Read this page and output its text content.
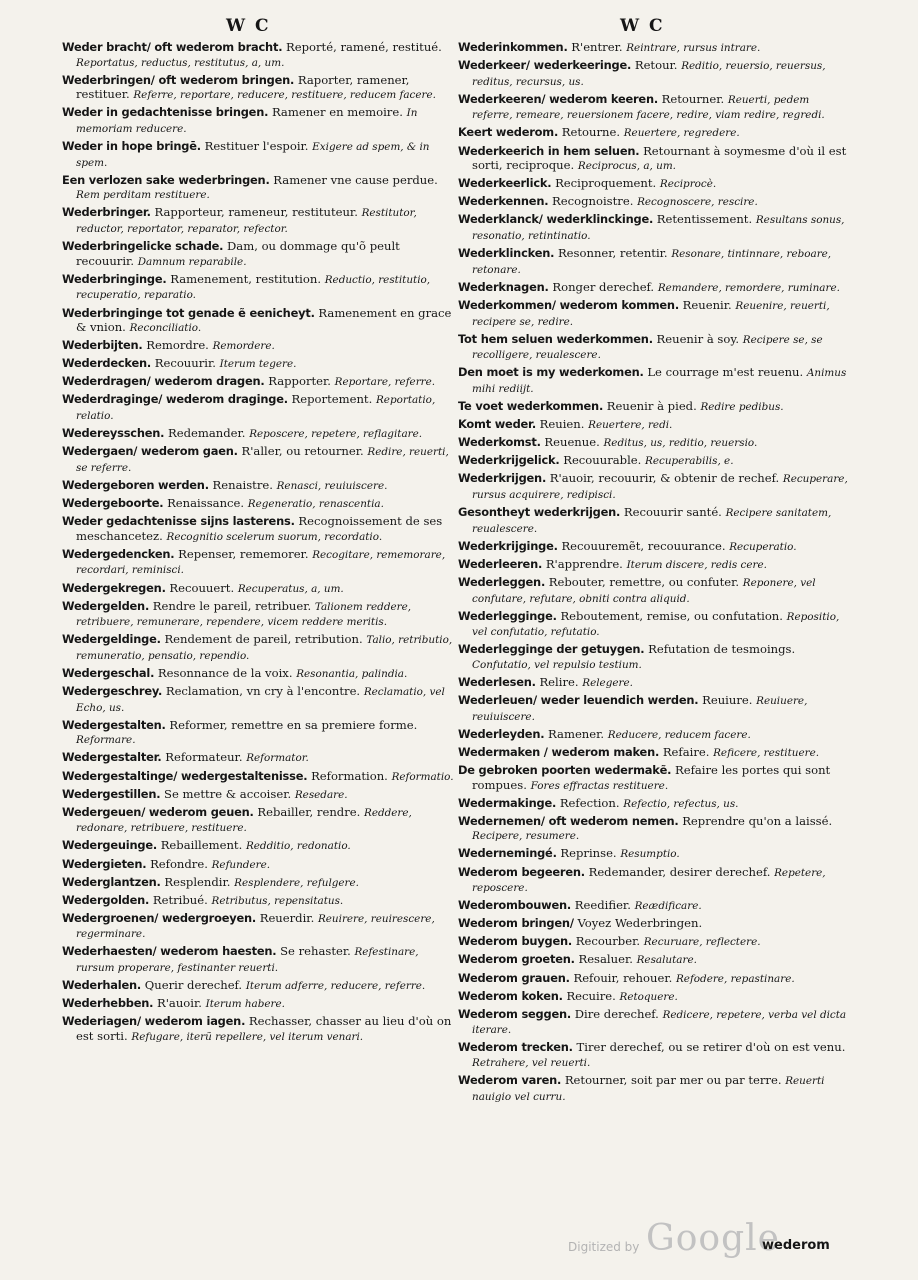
W C	W C
Weder bracht/ oft wederom bracht. Reporté, ramené, restitué. Reportatus, reductus, restitutus, a, um.
Wederbringen/ oft wederom bringen. Raporter, ramener, restituer. Referre, reportare, reducere, restituere, reducem facere.
Weder in gedachtenisse bringen. Ramener en memoire. In memoriam reducere.
Weder in hope bringē. Restituer l'espoir. Exigere ad spem, & in spem.
Een verlozen sake wederbringen. Ramener vne cause perdue. Rem perditam restituere.
Wederbringer. Rapporteur, rameneur, restituteur. Restitutor, reductor, reportator, reparator, refector.
Wederbringelicke schade. Dam, ou dommage qu'õ peult recouurir. Damnum reparabile.
Wederbringinge. Ramenement, restitution. Reductio, restitutio, recuperatio, reparatio.
Wederbringinge tot genade ẽ eenicheyt. Ramenement en grace & vnion. Reconciliatio.
Wederbijten. Remordre. Remordere.
Wederdecken. Recouurir. Iterum tegere.
Wederdragen/ wederom dragen. Rapporter. Reportare, referre.
Wederdraginge/ wederom draginge. Reportement. Reportatio, relatio.
Wedereysschen. Redemander. Reposcere, repetere, reflagitare.
Wedergaen/ wederom gaen. R'aller, ou retourner. Redire, reuerti, se referre.
Wedergeboren werden. Renaistre. Renasci, reuiuiscere.
Wedergeboorte. Renaissance. Regeneratio, renascentia.
Weder gedachtenisse sijns lasterens. Recognoissement de ses meschancetez. Recognitio scelerum suorum, recordatio.
Wedergedencken. Repenser, rememorer. Recogitare, rememorare, recordari, reminisci.
Wedergekregen. Recouuert. Recuperatus, a, um.
Wedergelden. Rendre le pareil, retribuer. Talionem reddere, retribuere, remunerare, rependere, vicem reddere meritis.
Wedergeldinge. Rendement de pareil, retribution. Talio, retributio, remuneratio, pensatio, rependio.
Wedergeschal. Resonnance de la voix. Resonantia, palindia.
Wedergeschrey. Reclamation, vn cry à l'encontre. Reclamatio, vel Echo, us.
Wedergestalten. Reformer, remettre en sa premiere forme. Reformare.
Wedergestalter. Reformateur. Reformator.
Wedergestaltinge/ wedergestaltenisse. Reformation. Reformatio.
Wedergestillen. Se mettre & accoiser. Resedare.
Wedergeuen/ wederom geuen. Rebailler, rendre. Reddere, redonare, retribuere, restituere.
Wedergeuinge. Rebaillement. Redditio, redonatio.
Wedergieten. Refondre. Refundere.
Wederglantzen. Resplendir. Resplendere, refulgere.
Wedergolden. Retribué. Retributus, repensitatus.
Wedergroenen/ wedergroeyen. Reuerdir. Reuirere, reuirescere, regerminare.
Wederhaesten/ wederom haesten. Se rehaster. Refestinare, rursum properare, festinanter reuerti.
Wederhalen. Querir derechef. Iterum adferre, reducere, referre.
Wederhebben. R'auoir. Iterum habere.
Wederiagen/ wederom iagen. Rechasser, chasser au lieu d'où on est sorti. Refugare, iterũ repellere, vel iterum venari.
Wederinkommen. R'entrer. Reintrare, rursus intrare.
Wederkeer/ wederkeeringe. Retour. Reditio, reuersio, reuersus, reditus, recursus, us.
Wederkeeren/ wederom keeren. Retourner. Reuerti, pedem referre, remeare, reuersionem facere, redire, viam redire, regredi.
Keert wederom. Retourne. Reuertere, regredere.
Wederkeerich in hem seluen. Retournant à soymesme d'où il est sorti, reciproque. Reciprocus, a, um.
Wederkeerlick. Reciproquement. Reciprocè.
Wederkennen. Recognoistre. Recognoscere, rescire.
Wederklanck/ wederklinckinge. Retentissement. Resultans sonus, resonatio, retintinatio.
Wederklincken. Resonner, retentir. Resonare, tintinnare, reboare, retonare.
Wederknagen. Ronger derechef. Remandere, remordere, ruminare.
Wederkommen/ wederom kommen. Reuenir. Reuenire, reuerti, recipere se, redire.
Tot hem seluen wederkommen. Reuenir à soy. Recipere se, se recolligere, reualescere.
Den moet is my wederkomen. Le courrage m'est reuenu. Animus mihi rediijt.
Te voet wederkommen. Reuenir à pied. Redire pedibus.
Komt weder. Reuien. Reuertere, redi.
Wederkomst. Reuenue. Reditus, us, reditio, reuersio.
Wederkrijgelick. Recouurable. Recuperabilis, e.
Wederkrijgen. R'auoir, recouurir, & obtenir de rechef. Recuperare, rursus acquirere, redipisci.
Gesontheyt wederkrijgen. Recouurir santé. Recipere sanitatem, reualescere.
Wederkrijginge. Recouuremẽt, recouurance. Recuperatio.
Wederleeren. R'apprendre. Iterum discere, redis cere.
Wederleggen. Rebouter, remettre, ou confuter. Reponere, vel confutare, refutare, obniti contra aliquid.
Wederlegginge. Reboutement, remise, ou confutation. Repositio, vel confutatio, refutatio.
Wederlegginge der getuygen. Refutation de tesmoings. Confutatio, vel repulsio testium.
Wederlesen. Relire. Relegere.
Wederleuen/ weder leuendich werden. Reuiure. Reuiuere, reuiuiscere.
Wederleyden. Ramener. Reducere, reducem facere.
Wedermaken / wederom maken. Refaire. Reficere, restituere.
De gebroken poorten wedermakẽ. Refaire les portes qui sont rompues. Fores effractas restituere.
Wedermakinge. Refection. Refectio, refectus, us.
Wedernemen/ oft wederom nemen. Reprendre qu'on a laissé. Recipere, resumere.
Wedernemingé. Reprinse. Resumptio.
Wederom begeeren. Redemander, desirer derechef. Repetere, reposcere.
Wederombouwen. Reedifier. Reædificare.
Wederom bringen/ Voyez Wederbringen.
Wederom buygen. Recourber. Recuruare, reflectere.
Wederom groeten. Resaluer. Resalutare.
Wederom grauen. Refouir, rehouer. Refodere, repastinare.
Wederom koken. Recuire. Retoquere.
Wederom seggen. Dire derechef. Redicere, repetere, verba vel dicta iterare.
Wederom trecken. Tirer derechef, ou se retirer d'où on est venu. Retrahere, vel reuerti.
Wederom varen. Retourner, soit par mer ou par terre. Reuerti nauigio vel curru.
Digitized by Google
wederom
